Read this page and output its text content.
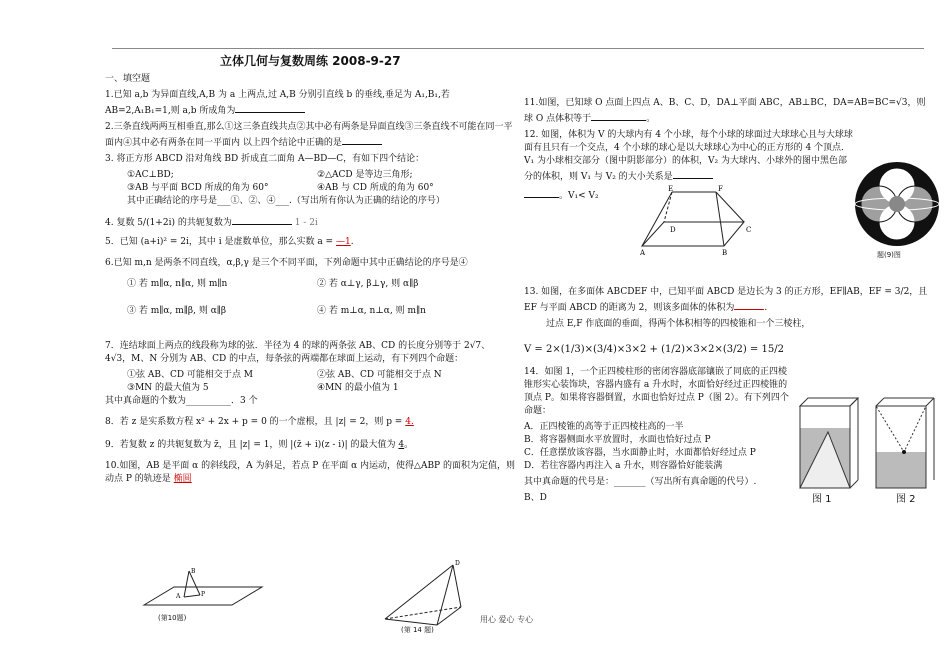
立体几何与复数周练 2008-9-27
一、填空题
1.已知 a,b 为异面直线,A,B 为 a 上两点,过 A,B 分别引直线 b 的垂线,垂足为 A₁,B₁,若AB=2,A₁B₁=1,则 a,b 所成角为
2.三条直线两两互相垂直,那么①这三条直线共点②其中必有两条是异面直线③三条直线不可能在同一平面内④其中必有两条在同一平面内 以上四个结论中正确的是
3. 将正方形 ABCD 沿对角线 BD 折成直二面角 A—BD—C，有如下四个结论：
①AC⊥BD;	②△ACD 是等边三角形;
③AB 与平面 BCD 所成的角为 60°	④AB 与 CD 所成的角为 60°
其中正确结论的序号是___①、②、④___.（写出所有你认为正确的结论的序号）
4. 复数 5/(1+2i) 的共轭复数为	1 - 2i
5．已知 (a+i)² = 2i，其中 i 是虚数单位，那么实数 a = —1.
6.已知 m,n 是两条不同直线，α,β,γ 是三个不同平面，下列命题中其中正确结论的序号是④
① 若 m∥α, n∥α, 则 m∥n	② 若 α⊥γ, β⊥γ, 则 α∥β
③ 若 m∥α, m∥β, 则 α∥β	④ 若 m⊥α, n⊥α, 则 m∥n
7．连结球面上两点的线段称为球的弦．半径为 4 的球的两条弦 AB、CD 的长度分别等于 2√7、4√3，M、N 分别为 AB、CD 的中点，每条弦的两端都在球面上运动，有下列四个命题：
①弦 AB、CD 可能相交于点 M	②弦 AB、CD 可能相交于点 N
③MN 的最大值为 5	④MN 的最小值为 1
其中真命题的个数为__________．3 个
8．若 z 是实系数方程 x² + 2x + p = 0 的一个虚根，且 |z| = 2，则 p = 4.
9．若复数 z 的共轭复数为 z̄，且 |z| = 1，则 |(z̄ + i)(z - i)| 的最大值为 4。
10.如图，AB 是平面 α 的斜线段，A 为斜足，若点 P 在平面 α 内运动，使得△ABP 的面积为定值，则动点 P 的轨迹是 椭圆
B
A	P
(第10题)
D
(第 14 题)
11.如图，已知球 O 点面上四点 A、B、C、D，DA⊥平面 ABC，AB⊥BC，DA=AB=BC=√3，则球 O 点体积等于	。
12. 如图，体积为 V 的大球内有 4 个小球，每个小球的球面过大球球心且与大球球面有且只有一个交点，4 个小球的球心是以大球球心为中心的正方形的 4 个顶点．V₁ 为小球相交部分（图中阴影部分）的体积，V₂ 为大球内、小球外的图中黑色部分的体积，则 V₁ 与 V₂ 的大小关系是
。V₁< V₂
13. 如图，在多面体 ABCDEF 中，已知平面 ABCD 是边长为 3 的正方形，EF∥AB，EF = 3/2，且 EF 与平面 ABCD 的距离为 2，则该多面体的体积为	.
过点 E,F 作底面的垂面，得两个体积相等的四棱锥和一个三棱柱，
V = 2×(1/3)×(3/4)×3×2 + (1/2)×3×2×(3/2) = 15/2
14．如图 1，一个正四棱柱形的密闭容器底部镶嵌了同底的正四棱锥形实心装饰块，容器内盛有 a 升水时，水面恰好经过正四棱锥的顶点 P。如果将容器倒置，水面也恰好过点 P（图 2）。有下列四个命题：
A．正四棱锥的高等于正四棱柱高的一半
B．将容器侧面水平放置时，水面也恰好过点 P
C．任意摆放该容器，当水面静止时，水面都恰好经过点 P
D．若往容器内再注入 a 升水，则容器恰好能装满
其中真命题的代号是：_______（写出所有真命题的代号）.
B、D
E	F
D	C
A	B	题(9)图
图 1	图 2
用心 爱心 专心
